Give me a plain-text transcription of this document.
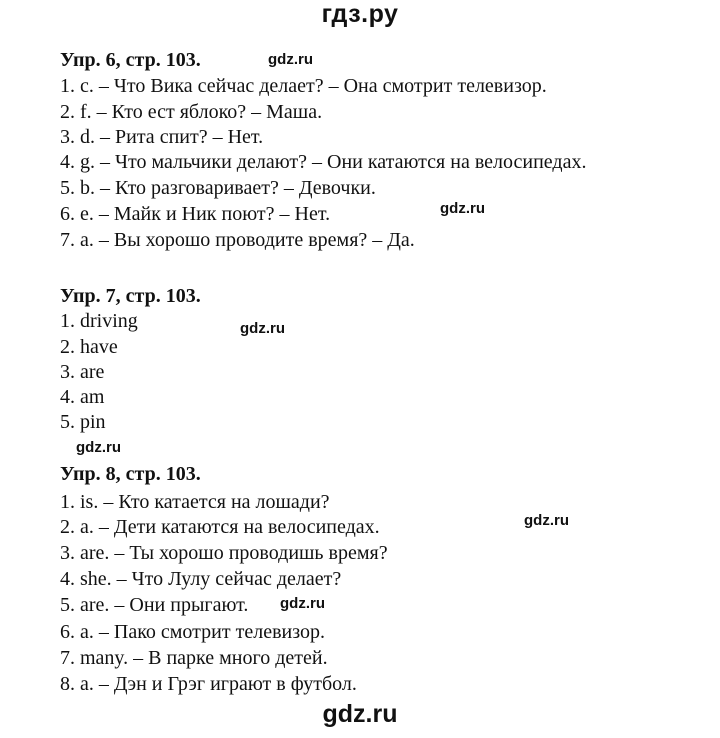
гдз.ру
Упр. 6, стр. 103.	gdz.ru
1. c. – Что Вика сейчас делает? – Она смотрит телевизор.
2. f. – Кто ест яблоко? – Маша.
3. d. – Рита спит? – Нет.
4. g. – Что мальчики делают? – Они катаются на велосипедах.
5. b. – Кто разговаривает? – Девочки.
6. e. – Майк и Ник поют? – Нет.	gdz.ru
7. a. – Вы хорошо проводите время? – Да.
Упр. 7, стр. 103.
1. driving	gdz.ru
2. have
3. are
4. am
5. pin
gdz.ru
Упр. 8, стр. 103.
1. is. – Кто катается на лошади?
2. a. – Дети катаются на велосипедах.	gdz.ru
3. are. – Ты хорошо проводишь время?
4. she. – Что Лулу сейчас делает?
5. are. – Они прыгают. gdz.ru
6. a. – Пако смотрит телевизор.
7. many. – В парке много детей.
8. a. – Дэн и Грэг играют в футбол.
gdz.ru
